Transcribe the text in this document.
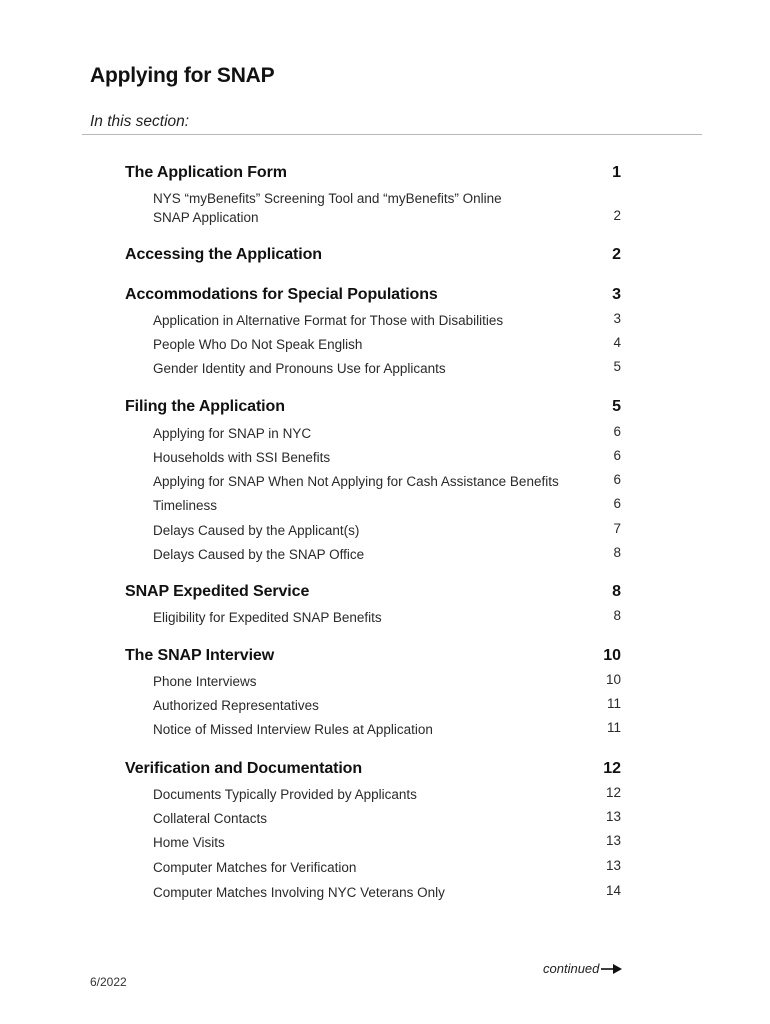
Applying for SNAP
In this section:
The Application Form	1
NYS “myBenefits” Screening Tool and “myBenefits” Online SNAP Application	2
Accessing the Application	2
Accommodations for Special Populations	3
Application in Alternative Format for Those with Disabilities	3
People Who Do Not Speak English	4
Gender Identity and Pronouns Use for Applicants	5
Filing the Application	5
Applying for SNAP in NYC	6
Households with SSI Benefits	6
Applying for SNAP When Not Applying for Cash Assistance Benefits	6
Timeliness	6
Delays Caused by the Applicant(s)	7
Delays Caused by the SNAP Office	8
SNAP Expedited Service	8
Eligibility for Expedited SNAP Benefits	8
The SNAP Interview	10
Phone Interviews	10
Authorized Representatives	11
Notice of Missed Interview Rules at Application	11
Verification and Documentation	12
Documents Typically Provided by Applicants	12
Collateral Contacts	13
Home Visits	13
Computer Matches for Verification	13
Computer Matches Involving NYC Veterans Only	14
continued
6/2022
